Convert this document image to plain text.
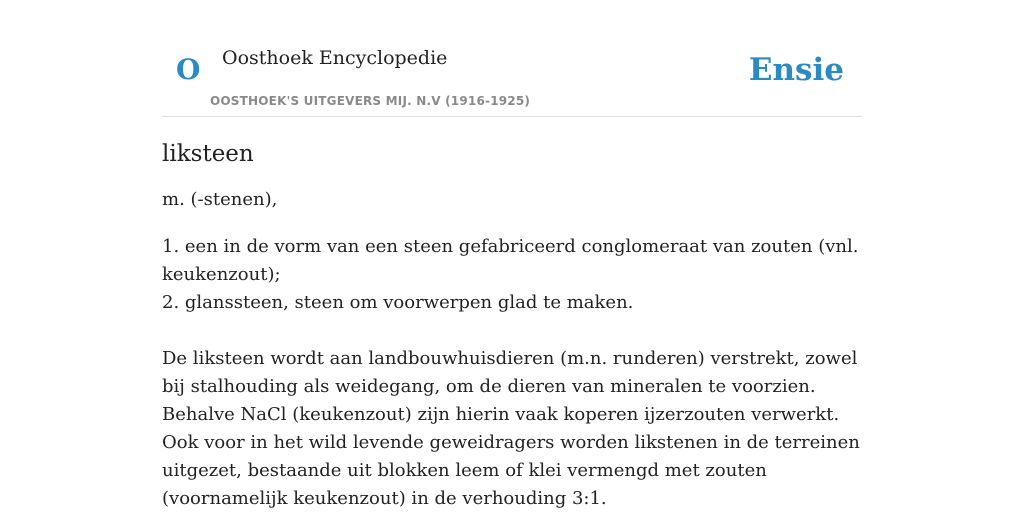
O Oosthoek Encyclopedie
OOSTHOEK'S UITGEVERS MIJ. N.V (1916-1925)
Ensie
liksteen

m. (-stenen),

1. een in de vorm van een steen gefabriceerd conglomeraat van zouten (vnl. keukenzout);
2. glanssteen, steen om voorwerpen glad te maken.

De liksteen wordt aan landbouwhuisdieren (m.n. runderen) verstrekt, zowel bij stalhouding als weidegang, om de dieren van mineralen te voorzien. Behalve NaCl (keukenzout) zijn hierin vaak koperen ijzerzouten verwerkt. Ook voor in het wild levende geweidragers worden likstenen in de terreinen uitgezet, bestaande uit blokken leem of klei vermengd met zouten (voornamelijk keukenzout) in de verhouding 3:1.
